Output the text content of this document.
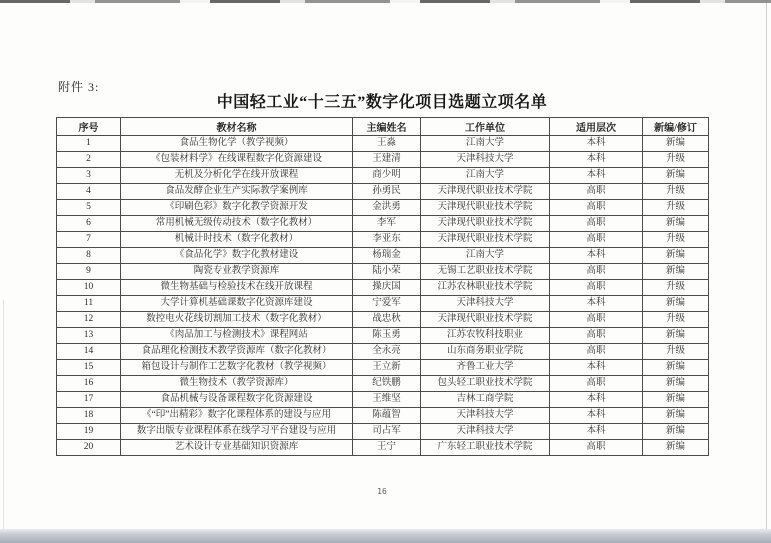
附件 3:
中国轻工业“十三五”数字化项目选题立项名单
序号	教材名称	主编姓名	工作单位	适用层次	新编/修订
1	食品生物化学（教学视频）	王淼	江南大学	本科	新编
2	《包装材料学》在线课程数字化资源建设	王建清	天津科技大学	本科	升级
3	无机及分析化学在线开放课程	商少明	江南大学	本科	新编
4	食品发酵企业生产实际教学案例库	孙勇民	天津现代职业技术学院	高职	升级
5	《印刷色彩》数字化教学资源开发	金洪勇	天津现代职业技术学院	高职	升级
6	常用机械无级传动技术（数字化教材）	李军	天津现代职业技术学院	高职	新编
7	机械计时技术（数字化教材）	李亚东	天津现代职业技术学院	高职	升级
8	《食品化学》数字化教材建设	杨瑞金	江南大学	本科	新编
9	陶瓷专业教学资源库	陆小荣	无锡工艺职业技术学院	高职	新编
10	微生物基础与检验技术在线开放课程	操庆国	江苏农林职业技术学院	高职	升级
11	大学计算机基础课数字化资源库建设	宁爱军	天津科技大学	本科	新编
12	数控电火花线切割加工技术（数字化教材）	战忠秋	天津现代职业技术学院	高职	升级
13	《肉品加工与检测技术》课程网站	陈玉勇	江苏农牧科技职业	高职	新编
14	食品理化检测技术教学资源库（数字化教材）	全永亮	山东商务职业学院	高职	升级
15	箱包设计与制作工艺数字化教材（教学视频）	王立新	齐鲁工业大学	本科	新编
16	微生物技术（教学资源库）	纪铁鹏	包头轻工职业技术学院	高职	新编
17	食品机械与设备课程数字化资源建设	王维坚	吉林工商学院	本科	新编
18	《“印”出精彩》数字化课程体系的建设与应用	陈蕴智	天津科技大学	本科	新编
19	数字出版专业课程体系在线学习平台建设与应用	司占军	天津科技大学	本科	新编
20	艺术设计专业基础知识资源库	王宁	广东轻工职业技术学院	高职	新编
16
